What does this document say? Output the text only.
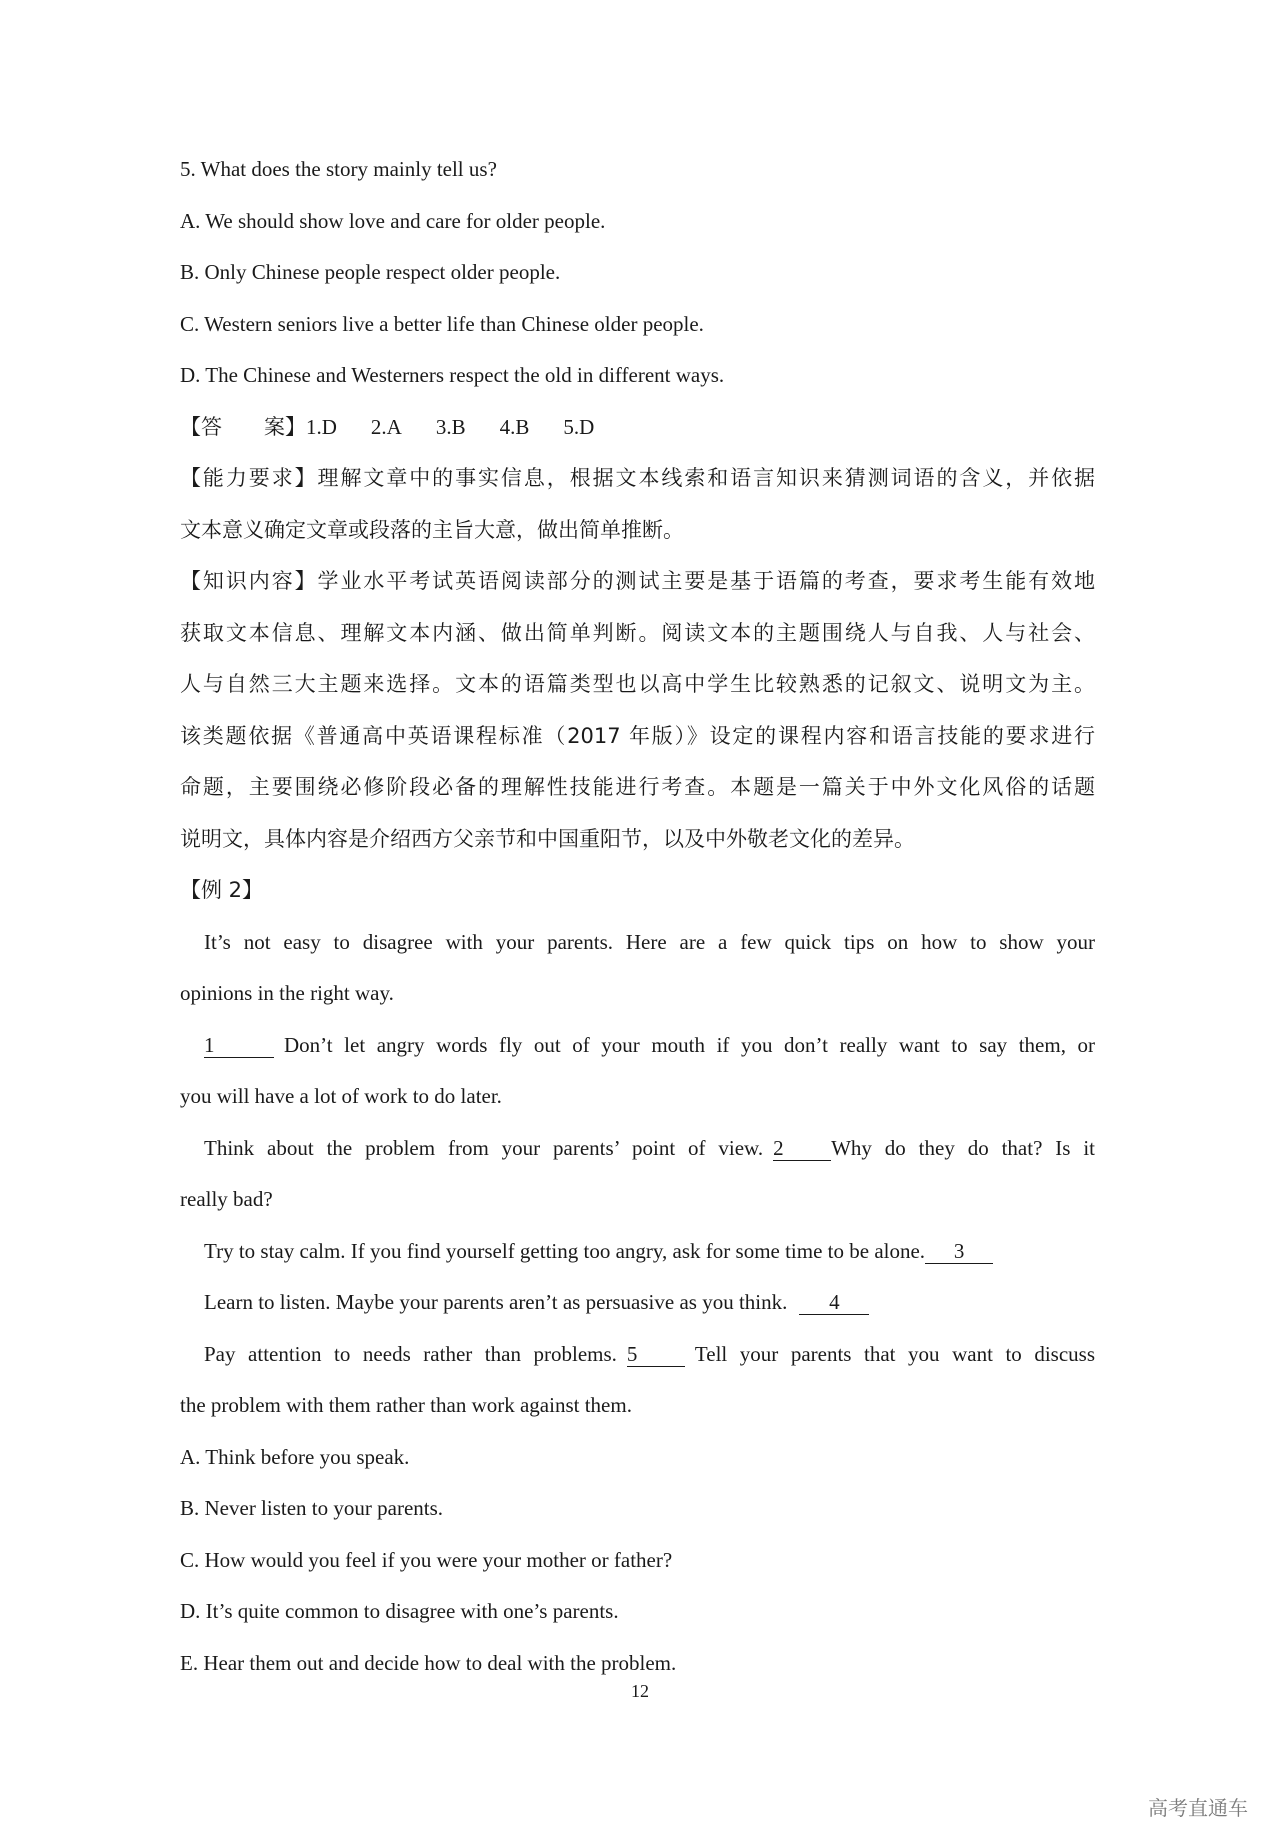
5. What does the story mainly tell us?
A. We should show love and care for older people.
B. Only Chinese people respect older people.
C. Western seniors live a better life than Chinese older people.
D. The Chinese and Westerners respect the old in different ways.
【答　　案】1.D 2.A 3.B 4.B 5.D
【能力要求】理解文章中的事实信息，根据文本线索和语言知识来猜测词语的含义，并依据
文本意义确定文章或段落的主旨大意，做出简单推断。
【知识内容】学业水平考试英语阅读部分的测试主要是基于语篇的考查，要求考生能有效地
获取文本信息、理解文本内涵、做出简单判断。阅读文本的主题围绕人与自我、人与社会、
人与自然三大主题来选择。文本的语篇类型也以高中学生比较熟悉的记叙文、说明文为主。
该类题依据《普通高中英语课程标准（2017 年版）》设定的课程内容和语言技能的要求进行
命题，主要围绕必修阶段必备的理解性技能进行考查。本题是一篇关于中外文化风俗的话题
说明文，具体内容是介绍西方父亲节和中国重阳节，以及中外敬老文化的差异。
【例 2】
It’s not easy to disagree with your parents. Here are a few quick tips on how to show your
opinions in the right way.
1	Don’t let angry words fly out of your mouth if you don’t really want to say them, or
you will have a lot of work to do later.
Think about the problem from your parents’ point of view. 2 Why do they do that? Is it
really bad?
Try to stay calm. If you find yourself getting too angry, ask for some time to be alone. 3
Learn to listen. Maybe your parents aren’t as persuasive as you think. 4
Pay attention to needs rather than problems. 5	Tell your parents that you want to discuss
the problem with them rather than work against them.
A. Think before you speak.
B. Never listen to your parents.
C. How would you feel if you were your mother or father?
D. It’s quite common to disagree with one’s parents.
E. Hear them out and decide how to deal with the problem.
12
高考直通车
